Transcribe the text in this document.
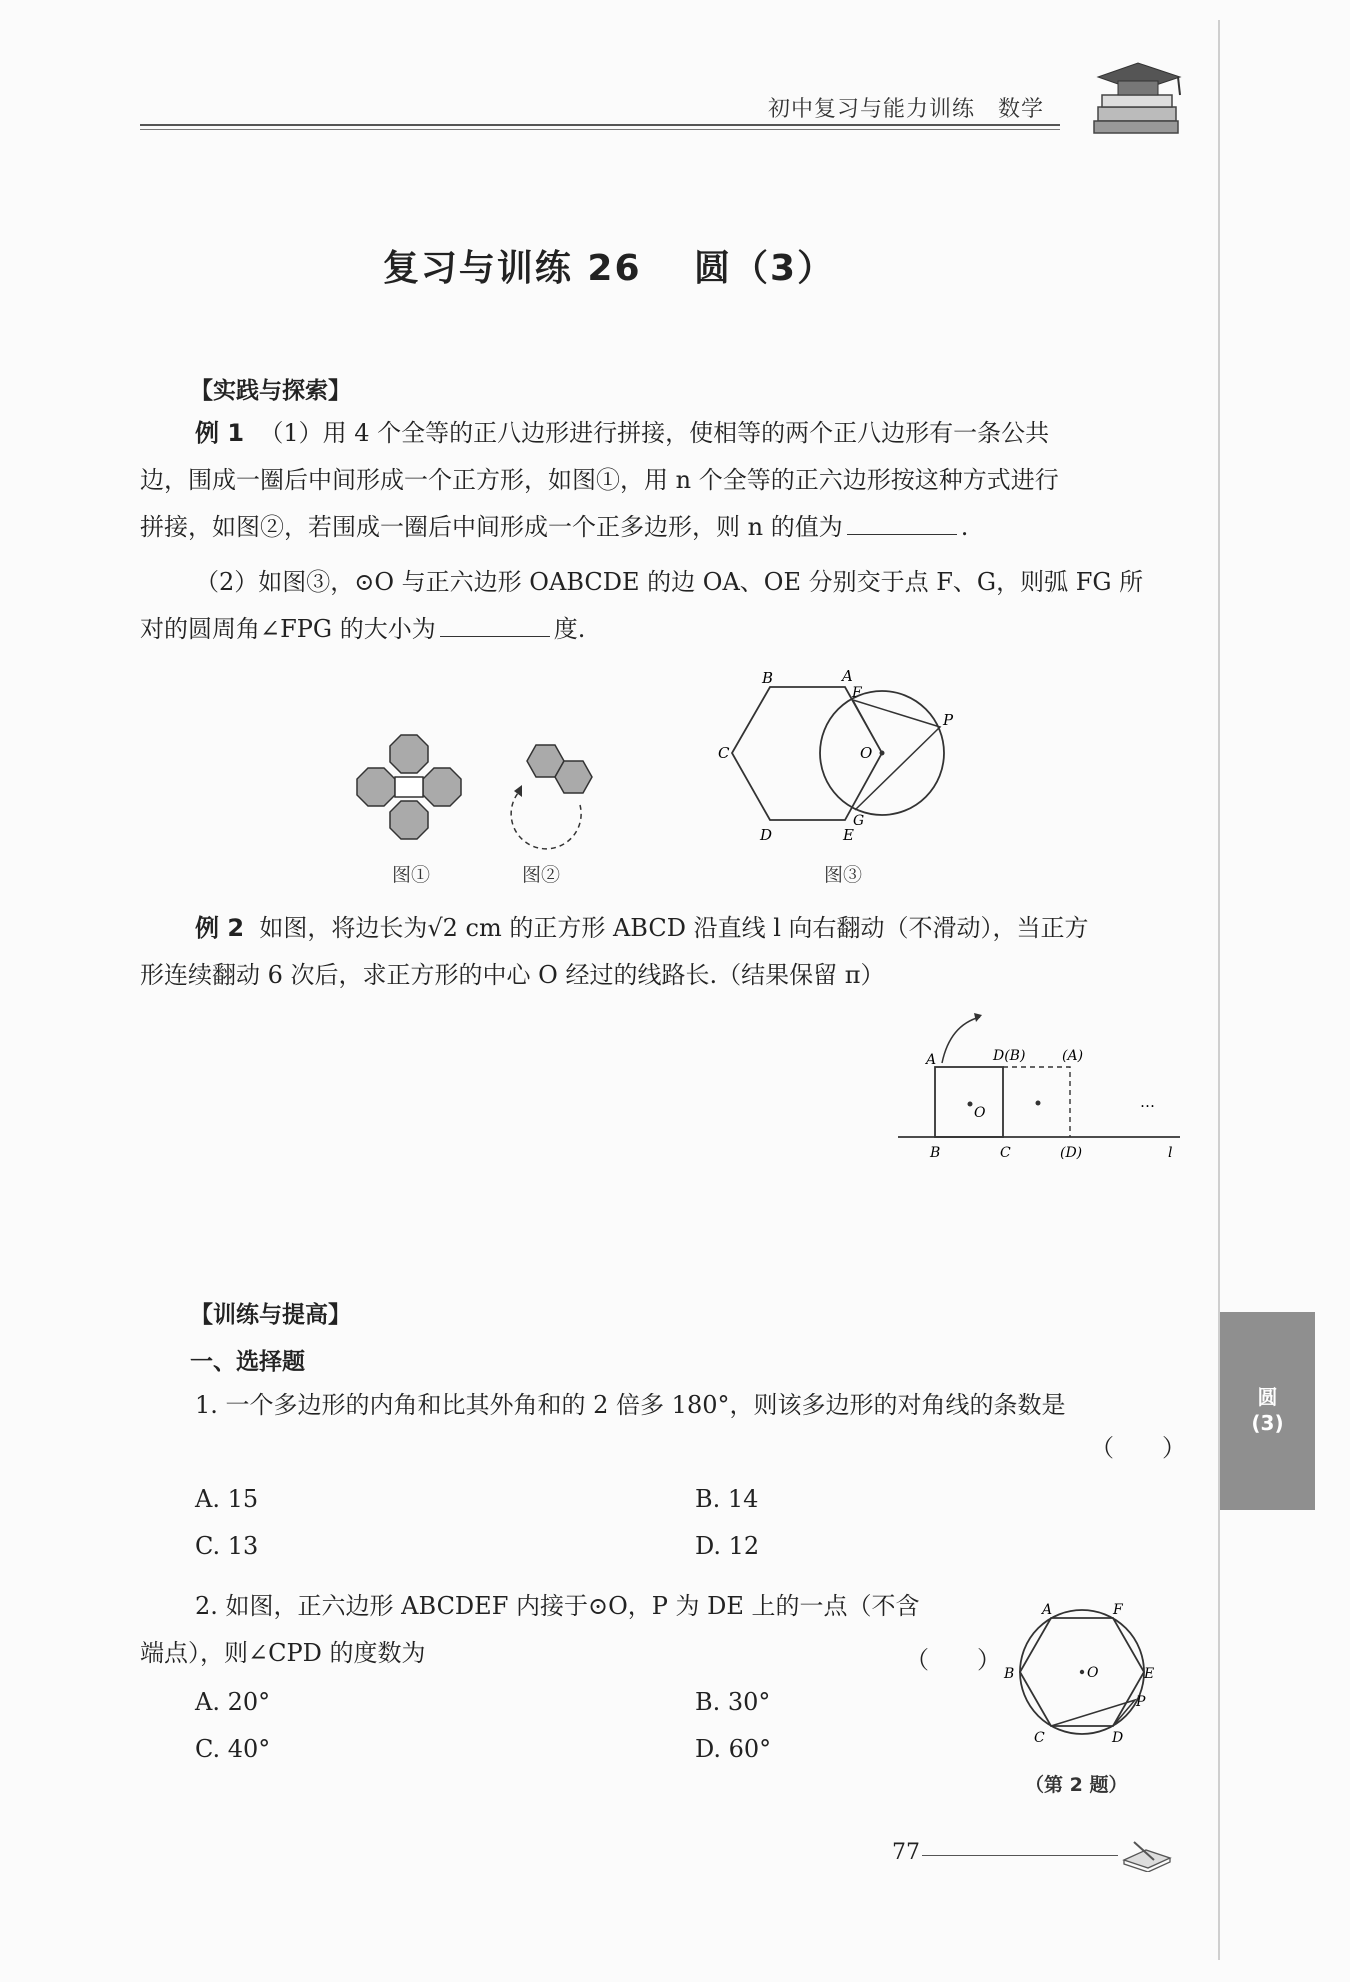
初中复习与能力训练　数学
复习与训练 26　 圆（3）
【实践与探索】
例 1 （1）用 4 个全等的正八边形进行拼接，使相等的两个正八边形有一条公共
边，围成一圈后中间形成一个正方形，如图①，用 n 个全等的正六边形按这种方式进行
拼接，如图②，若围成一圈后中间形成一个正多边形，则 n 的值为	.
（2）如图③，⊙O 与正六边形 OABCDE 的边 OA、OE 分别交于点 F、G，则弧 FG 所
对的圆周角∠FPG 的大小为	度.
图①	图②
B	A
F
P
C	O
G
D	E
图③
例 2 如图，将边长为√2 cm 的正方形 ABCD 沿直线 l 向右翻动（不滑动），当正方
形连续翻动 6 次后，求正方形的中心 O 经过的线路长.（结果保留 π）
O
A	D(B)	(A)
B	C	(D)	l
…
【训练与提高】
一、选择题
1. 一个多边形的内角和比其外角和的 2 倍多 180°，则该多边形的对角线的条数是
（　　）
A. 15	B. 14
C. 13	D. 12
2. 如图，正六边形 ABCDEF 内接于⊙O，P 为 DE 上的一点（不含
端点），则∠CPD 的度数为	（　　）
A. 20°	B. 30°
C. 40°	D. 60°
A	F
B	O	E
P
C	D
（第 2 题）
圆
(3)
77
